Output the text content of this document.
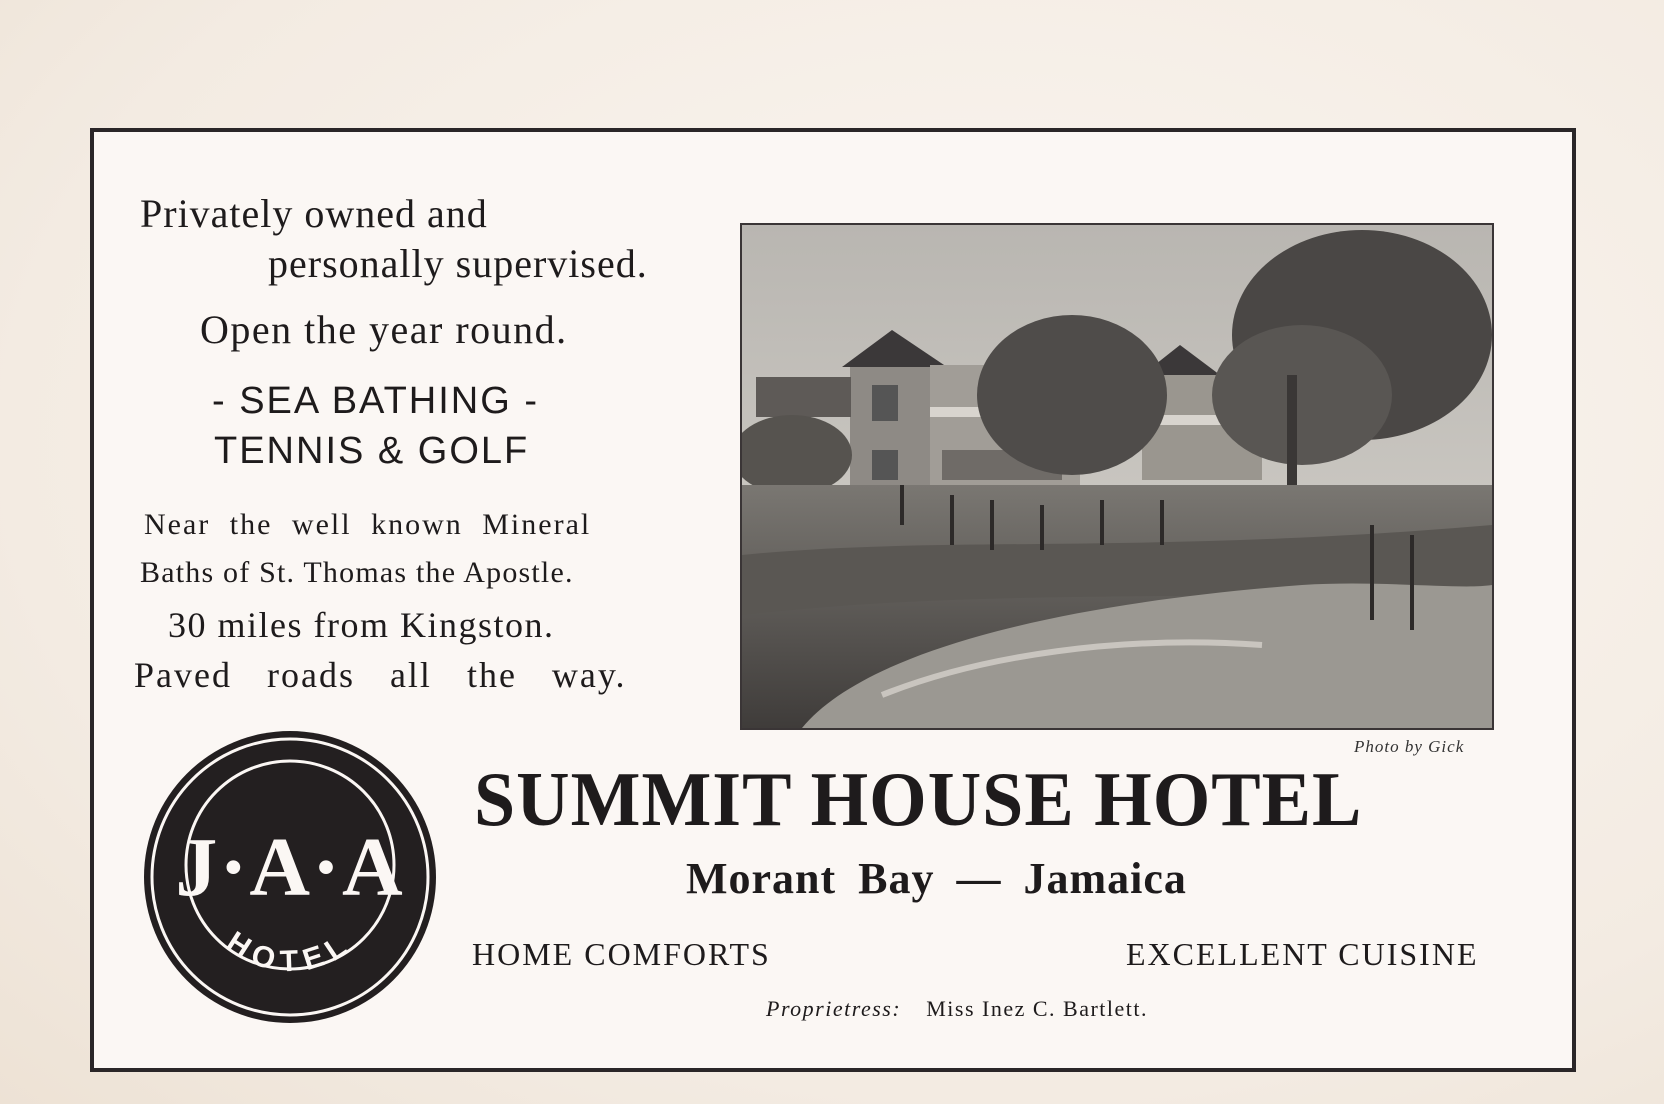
Privately owned and
personally supervised.
Open the year round.
- SEA BATHING -
TENNIS & GOLF
Near the well known Mineral
Baths of St. Thomas the Apostle.
30 miles from Kingston.
Paved roads all the way.
Photo by Gick
J·A·A
HOTEL
SUMMIT HOUSE HOTEL
Morant Bay — Jamaica
HOME COMFORTS	EXCELLENT CUISINE
Proprietress: Miss Inez C. Bartlett.
